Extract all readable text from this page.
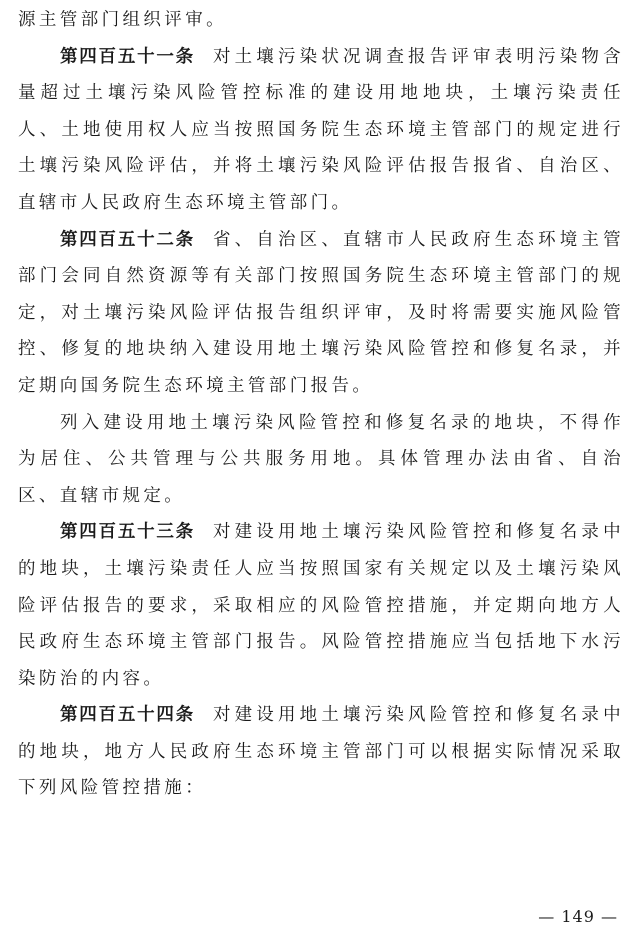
源主管部门组织评审。

第四百五十一条 对土壤污染状况调查报告评审表明污染物含量超过土壤污染风险管控标准的建设用地地块，土壤污染责任人、土地使用权人应当按照国务院生态环境主管部门的规定进行土壤污染风险评估，并将土壤污染风险评估报告报省、自治区、直辖市人民政府生态环境主管部门。

第四百五十二条 省、自治区、直辖市人民政府生态环境主管部门会同自然资源等有关部门按照国务院生态环境主管部门的规定，对土壤污染风险评估报告组织评审，及时将需要实施风险管控、修复的地块纳入建设用地土壤污染风险管控和修复名录，并定期向国务院生态环境主管部门报告。

列入建设用地土壤污染风险管控和修复名录的地块，不得作为居住、公共管理与公共服务用地。具体管理办法由省、自治区、直辖市规定。

第四百五十三条 对建设用地土壤污染风险管控和修复名录中的地块，土壤污染责任人应当按照国家有关规定以及土壤污染风险评估报告的要求，采取相应的风险管控措施，并定期向地方人民政府生态环境主管部门报告。风险管控措施应当包括地下水污染防治的内容。

第四百五十四条 对建设用地土壤污染风险管控和修复名录中的地块，地方人民政府生态环境主管部门可以根据实际情况采取下列风险管控措施：

— 149 —
